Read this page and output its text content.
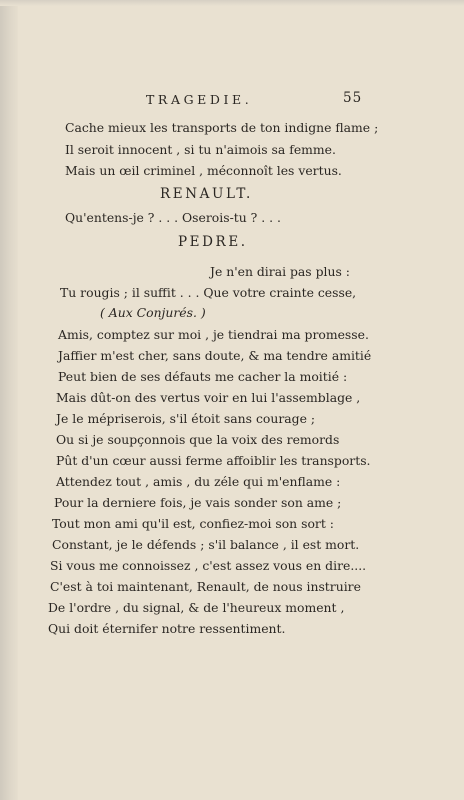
TRAGEDIE.	55
Cache mieux les transports de ton indigne flame ;
Il seroit innocent , si tu n'aimois sa femme.
Mais un œil criminel , méconnoît les vertus.
RENAULT.
Qu'entens-je ? . . . Oserois-tu ? . . .
PEDRE.
Je n'en dirai pas plus :
Tu rougis ; il suffit . . . Que votre crainte cesse,
( Aux Conjurés. )
Amis, comptez sur moi , je tiendrai ma promesse.
Jaffier m'est cher, sans doute, & ma tendre amitié
Peut bien de ses défauts me cacher la moitié :
Mais dût-on des vertus voir en lui l'assemblage ,
Je le mépriserois, s'il étoit sans courage ;
Ou si je soupçonnois que la voix des remords
Pût d'un cœur aussi ferme affoiblir les transports.
Attendez tout , amis , du zéle qui m'enflame :
Pour la derniere fois, je vais sonder son ame ;
Tout mon ami qu'il est, confiez-moi son sort :
Constant, je le défends ; s'il balance , il est mort.
Si vous me connoissez , c'est assez vous en dire....
C'est à toi maintenant, Renault, de nous instruire
De l'ordre , du signal, & de l'heureux moment ,
Qui doit éternifer notre ressentiment.
